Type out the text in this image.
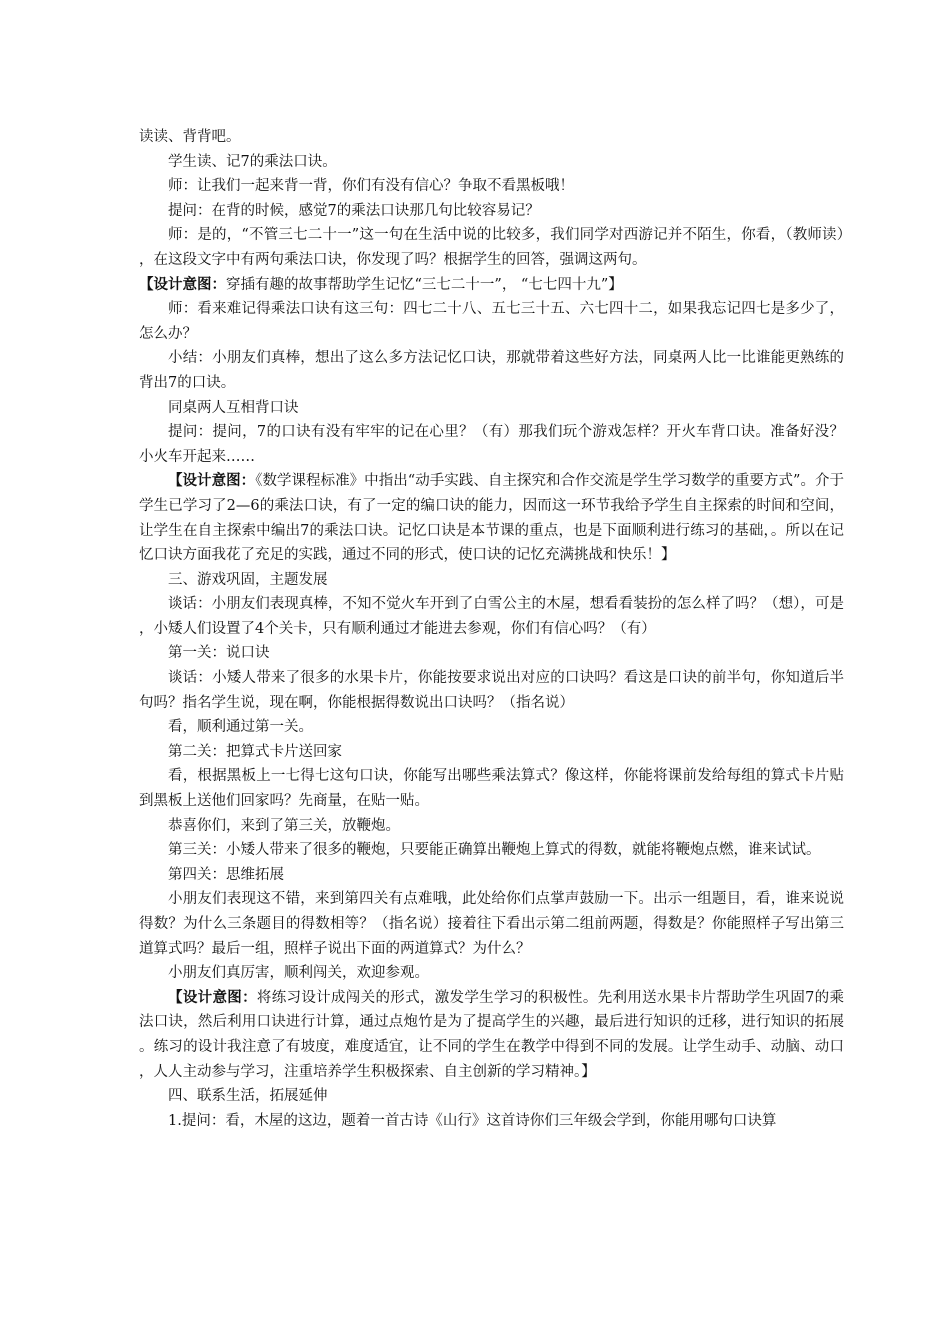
读读、背背吧。

学生读、记7的乘法口诀。

师：让我们一起来背一背，你们有没有信心？争取不看黑板哦！

提问：在背的时候，感觉7的乘法口诀那几句比较容易记？

师：是的，“不管三七二十一”这一句在生活中说的比较多，我们同学对西游记并不陌生，你看，（教师读），在这段文字中有两句乘法口诀，你发现了吗？根据学生的回答，强调这两句。

【设计意图：穿插有趣的故事帮助学生记忆“三七二十一”， “七七四十九”】

师：看来难记得乘法口诀有这三句：四七二十八、五七三十五、六七四十二，如果我忘记四七是多少了，怎么办？

小结：小朋友们真棒，想出了这么多方法记忆口诀，那就带着这些好方法，同桌两人比一比谁能更熟练的背出7的口诀。

同桌两人互相背口诀

提问：提问，7的口诀有没有牢牢的记在心里？（有）那我们玩个游戏怎样？开火车背口诀。准备好没？小火车开起来……

【设计意图：《数学课程标准》中指出“动手实践、自主探究和合作交流是学生学习数学的重要方式”。介于学生已学习了2—6的乘法口诀，有了一定的编口诀的能力，因而这一环节我给予学生自主探索的时间和空间，让学生在自主探索中编出7的乘法口诀。记忆口诀是本节课的重点，也是下面顺利进行练习的基础，。所以在记忆口诀方面我花了充足的实践，通过不同的形式，使口诀的记忆充满挑战和快乐！】

三、游戏巩固，主题发展

谈话：小朋友们表现真棒，不知不觉火车开到了白雪公主的木屋，想看看装扮的怎么样了吗？（想），可是，小矮人们设置了4个关卡，只有顺利通过才能进去参观，你们有信心吗？（有）

第一关：说口诀

谈话：小矮人带来了很多的水果卡片，你能按要求说出对应的口诀吗？看这是口诀的前半句，你知道后半句吗？指名学生说，现在啊，你能根据得数说出口诀吗？（指名说）

看，顺利通过第一关。

第二关：把算式卡片送回家

看，根据黑板上一七得七这句口诀，你能写出哪些乘法算式？像这样，你能将课前发给每组的算式卡片贴到黑板上送他们回家吗？先商量，在贴一贴。

恭喜你们，来到了第三关，放鞭炮。

第三关：小矮人带来了很多的鞭炮，只要能正确算出鞭炮上算式的得数，就能将鞭炮点燃，谁来试试。

第四关：思维拓展

小朋友们表现这不错，来到第四关有点难哦，此处给你们点掌声鼓励一下。出示一组题目，看，谁来说说得数？为什么三条题目的得数相等？（指名说）接着往下看出示第二组前两题，得数是？你能照样子写出第三道算式吗？最后一组，照样子说出下面的两道算式？为什么？

小朋友们真厉害，顺利闯关，欢迎参观。

【设计意图：将练习设计成闯关的形式，激发学生学习的积极性。先利用送水果卡片帮助学生巩固7的乘法口诀，然后利用口诀进行计算，通过点炮竹是为了提高学生的兴趣，最后进行知识的迁移，进行知识的拓展。练习的设计我注意了有坡度，难度适宜，让不同的学生在教学中得到不同的发展。让学生动手、动脑、动口，人人主动参与学习，注重培养学生积极探索、自主创新的学习精神。】

四、联系生活，拓展延伸

1.提问：看，木屋的这边，题着一首古诗《山行》这首诗你们三年级会学到，你能用哪句口诀算
